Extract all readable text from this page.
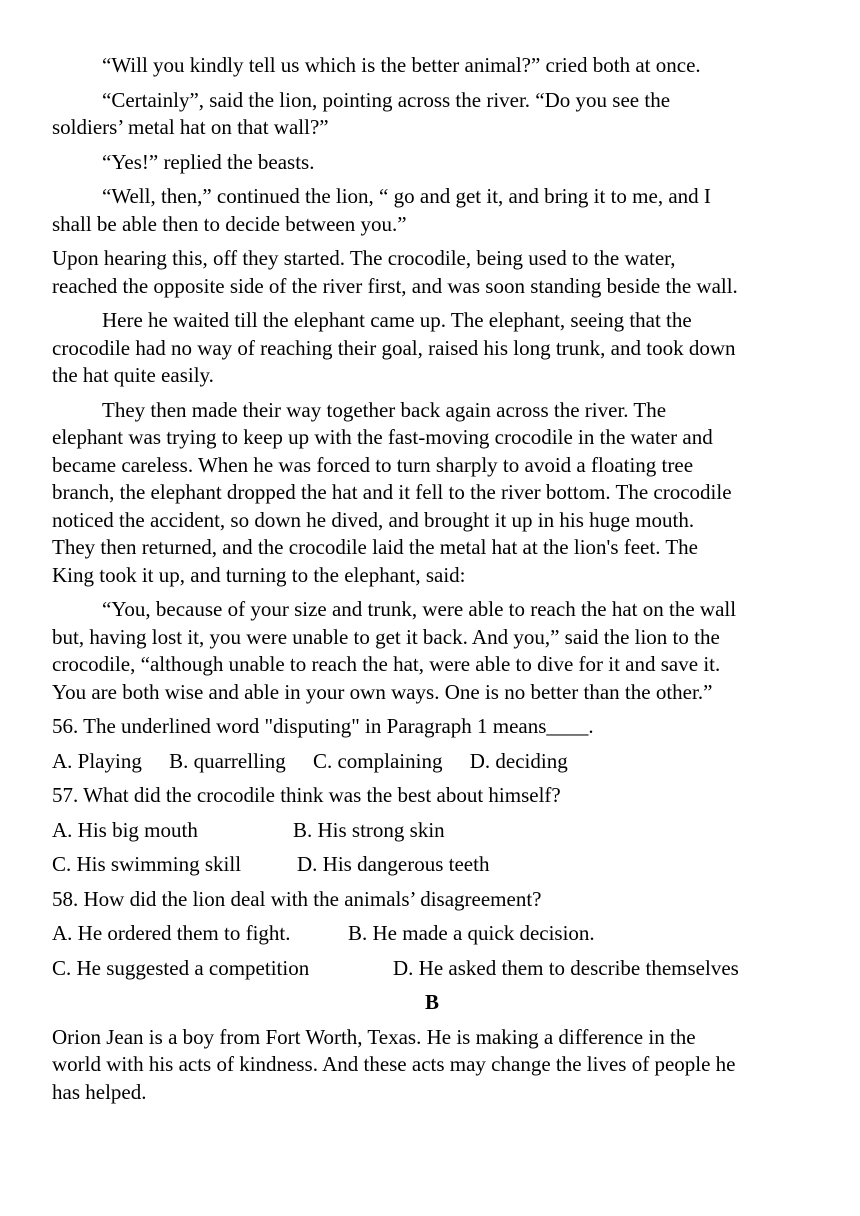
“Will you kindly tell us which is the better animal?” cried both at once.
“Certainly”, said the lion, pointing across the river. “Do you see the
soldiers’ metal hat on that wall?”
“Yes!” replied the beasts.
“Well, then,” continued the lion, “ go and get it, and bring it to me, and I
shall be able then to decide between you.”
Upon hearing this, off they started. The crocodile, being used to the water,
reached the opposite side of the river first, and was soon standing beside the wall.
Here he waited till the elephant came up. The elephant, seeing that the
crocodile had no way of reaching their goal, raised his long trunk, and took down
the hat quite easily.
They then made their way together back again across the river. The
elephant was trying to keep up with the fast-moving crocodile in the water and
became careless. When he was forced to turn sharply to avoid a floating tree
branch, the elephant dropped the hat and it fell to the river bottom. The crocodile
noticed the accident, so down he dived, and brought it up in his huge mouth.
They then returned, and the crocodile laid the metal hat at the lion's feet. The
King took it up, and turning to the elephant, said:
“You, because of your size and trunk, were able to reach the hat on the wall
but, having lost it, you were unable to get it back. And you,” said the lion to the
crocodile, “although unable to reach the hat, were able to dive for it and save it.
You are both wise and able in your own ways. One is no better than the other.”
56. The underlined word "disputing" in Paragraph 1 means____.
A. Playing B. quarrelling C. complaining D. deciding
57. What did the crocodile think was the best about himself?
A. His big mouth	B. His strong skin
C. His swimming skill	D. His dangerous teeth
58. How did the lion deal with the animals’ disagreement?
A. He ordered them to fight.	B. He made a quick decision.
C. He suggested a competition	D. He asked them to describe themselves
B
Orion Jean is a boy from Fort Worth, Texas. He is making a difference in the
world with his acts of kindness. And these acts may change the lives of people he
has helped.
